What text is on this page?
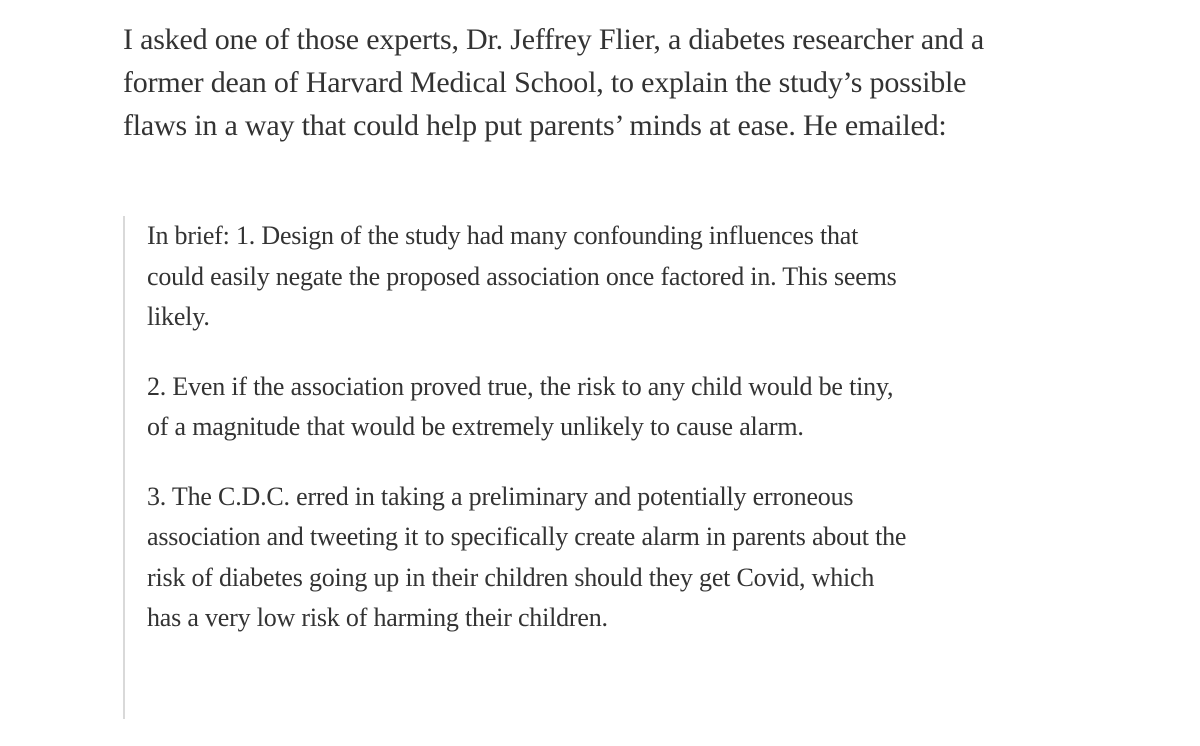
I asked one of those experts, Dr. Jeffrey Flier, a diabetes researcher and a former dean of Harvard Medical School, to explain the study’s possible flaws in a way that could help put parents’ minds at ease. He emailed:

In brief: 1. Design of the study had many confounding influences that could easily negate the proposed association once factored in. This seems likely.

2. Even if the association proved true, the risk to any child would be tiny, of a magnitude that would be extremely unlikely to cause alarm.

3. The C.D.C. erred in taking a preliminary and potentially erroneous association and tweeting it to specifically create alarm in parents about the risk of diabetes going up in their children should they get Covid, which has a very low risk of harming their children.
